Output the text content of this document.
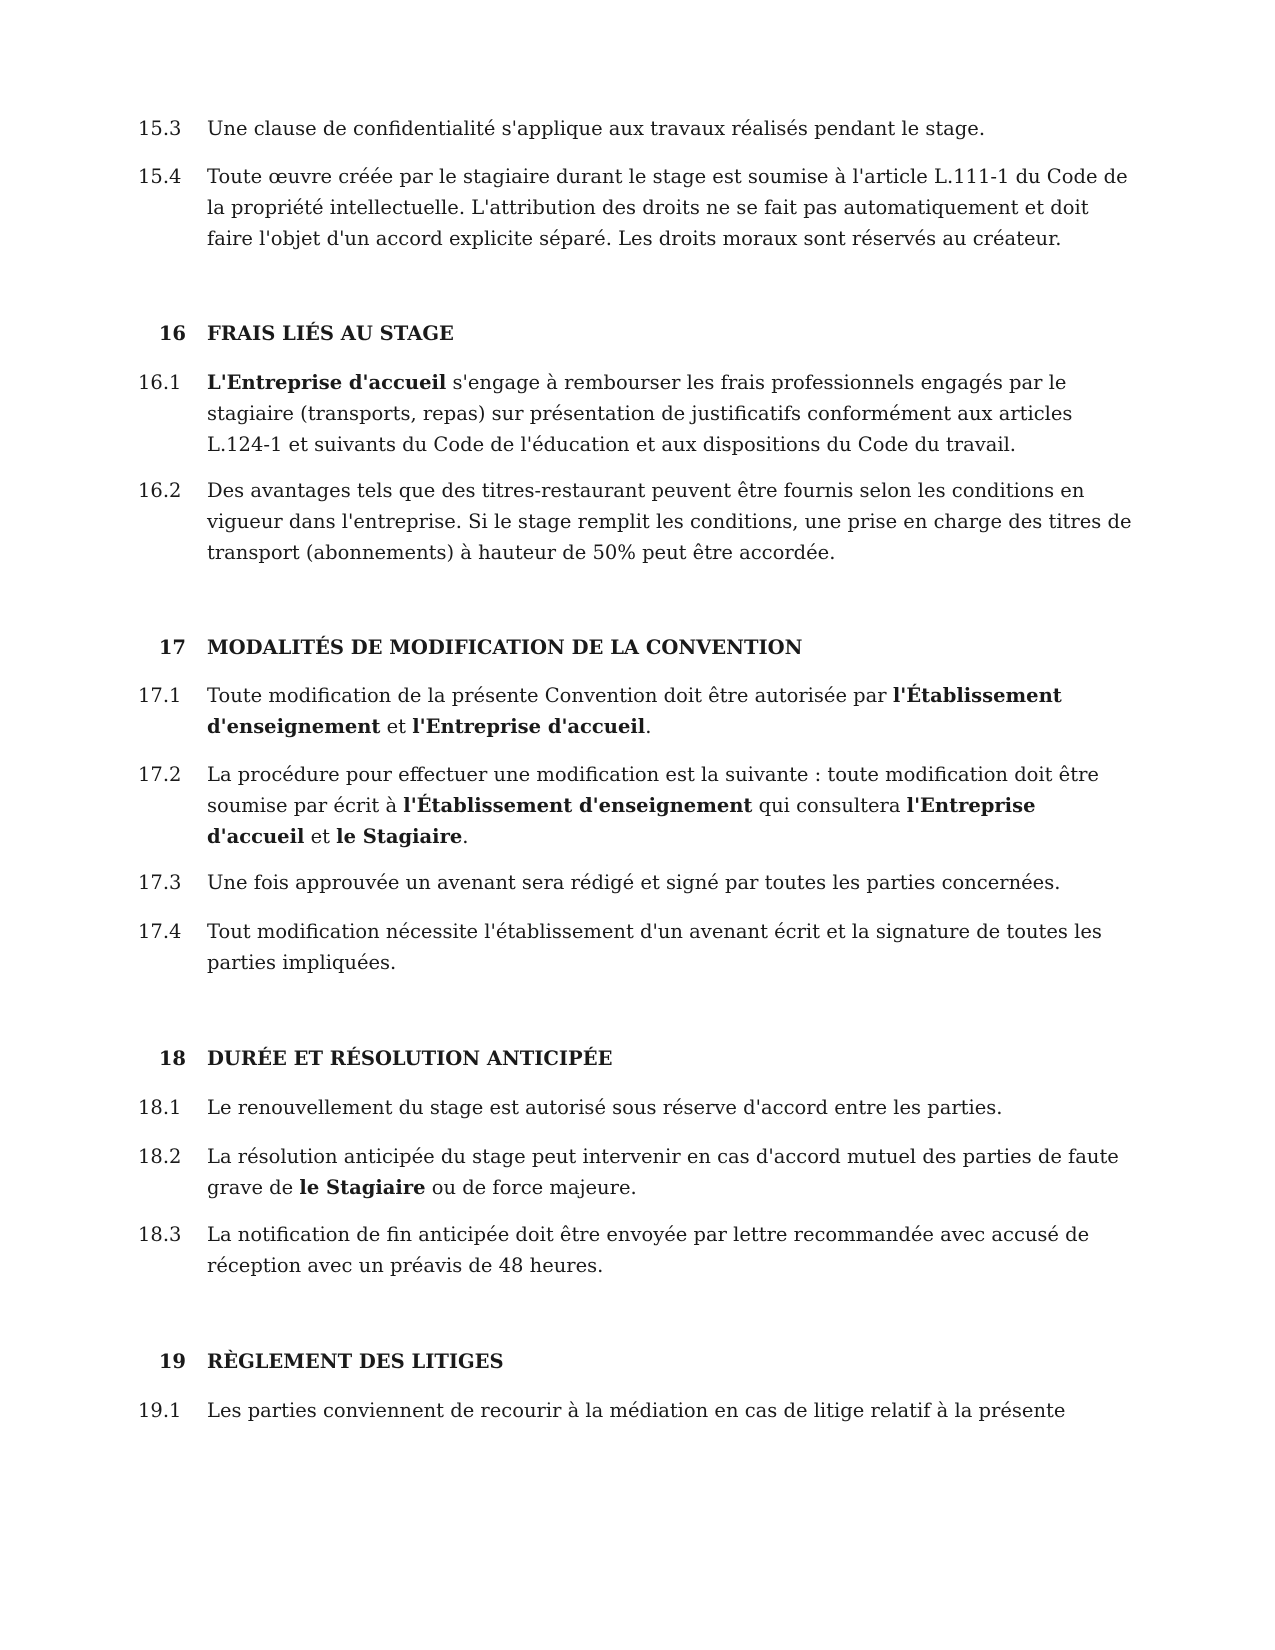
15.3	Une clause de confidentialité s'applique aux travaux réalisés pendant le stage.
15.4	Toute œuvre créée par le stagiaire durant le stage est soumise à l'article L.111-1 du Code de la propriété intellectuelle. L'attribution des droits ne se fait pas automatiquement et doit faire l'objet d'un accord explicite séparé. Les droits moraux sont réservés au créateur.
16 FRAIS LIÉS AU STAGE
16.1	L'Entreprise d'accueil s'engage à rembourser les frais professionnels engagés par le stagiaire (transports, repas) sur présentation de justificatifs conformément aux articles L.124-1 et suivants du Code de l'éducation et aux dispositions du Code du travail.
16.2	Des avantages tels que des titres-restaurant peuvent être fournis selon les conditions en vigueur dans l'entreprise. Si le stage remplit les conditions, une prise en charge des titres de transport (abonnements) à hauteur de 50% peut être accordée.
17 MODALITÉS DE MODIFICATION DE LA CONVENTION
17.1	Toute modification de la présente Convention doit être autorisée par l'Établissement d'enseignement et l'Entreprise d'accueil.
17.2	La procédure pour effectuer une modification est la suivante : toute modification doit être soumise par écrit à l'Établissement d'enseignement qui consultera l'Entreprise d'accueil et le Stagiaire.
17.3	Une fois approuvée un avenant sera rédigé et signé par toutes les parties concernées.
17.4	Tout modification nécessite l'établissement d'un avenant écrit et la signature de toutes les parties impliquées.
18 DURÉE ET RÉSOLUTION ANTICIPÉE
18.1	Le renouvellement du stage est autorisé sous réserve d'accord entre les parties.
18.2	La résolution anticipée du stage peut intervenir en cas d'accord mutuel des parties de faute grave de le Stagiaire ou de force majeure.
18.3	La notification de fin anticipée doit être envoyée par lettre recommandée avec accusé de réception avec un préavis de 48 heures.
19 RÈGLEMENT DES LITIGES
19.1	Les parties conviennent de recourir à la médiation en cas de litige relatif à la présente
